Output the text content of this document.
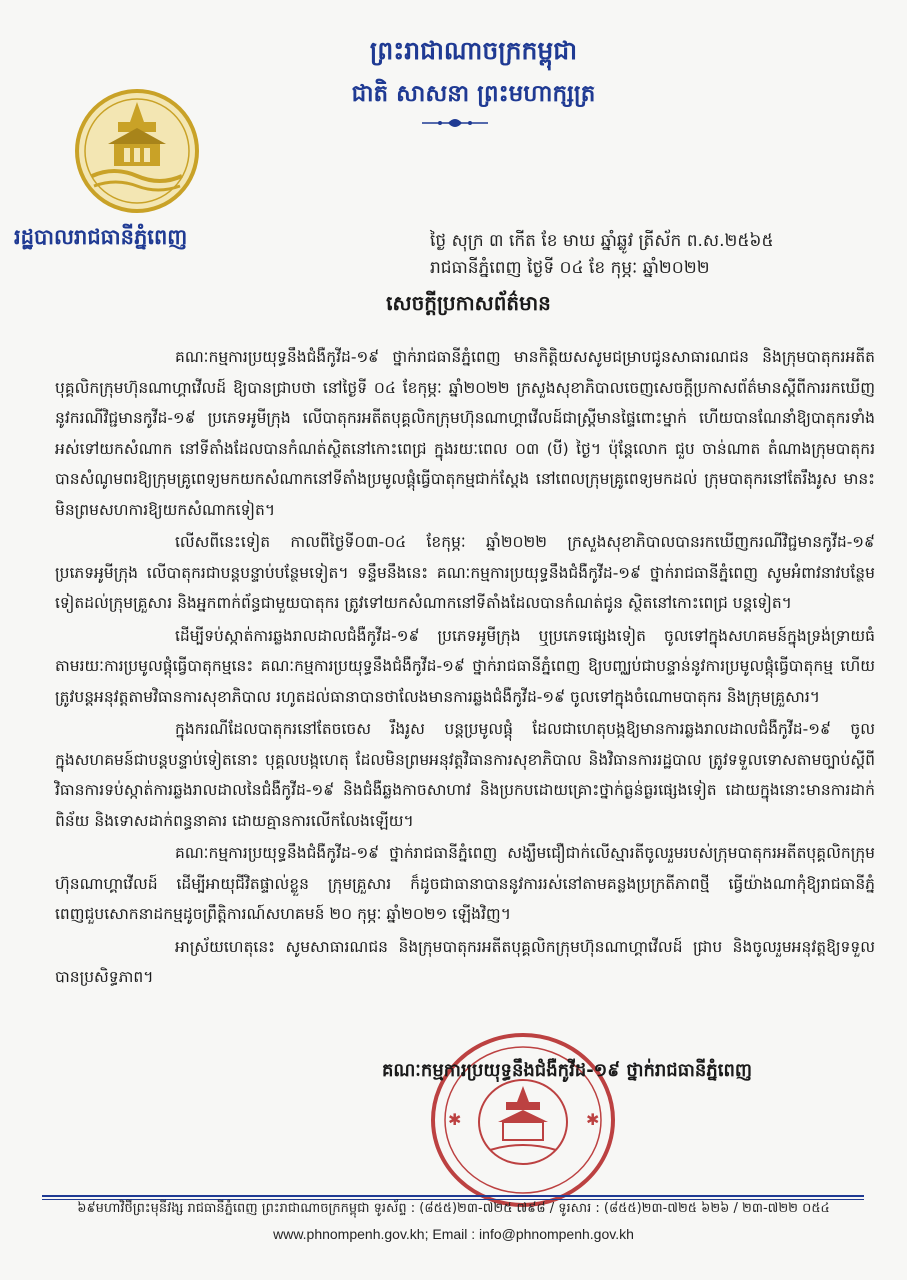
ព្រះរាជាណាចក្រកម្ពុជា

ជាតិ សាសនា ព្រះមហាក្សត្រ

រដ្ឋបាលរាជធានីភ្នំពេញ	ថ្ងៃ សុក្រ ៣ កើត ខែ មាឃ ឆ្នាំឆ្លូវ ត្រីស័ក ព.ស.២៥៦៥

រាជធានីភ្នំពេញ ថ្ងៃទី ០៤ ខែ កុម្ភៈ ឆ្នាំ២០២២

សេចក្តីប្រកាសព័ត៌មាន

គណៈកម្មការប្រយុទ្ធនឹងជំងឺកូវីដ-១៩ ថ្នាក់រាជធានីភ្នំពេញ មានកិត្តិយសសូមជម្រាបជូនសាធារណជន និងក្រុមបាតុករអតីតបុគ្គលិកក្រុមហ៊ុនណាហ្គាវើលដ៍ ឱ្យបានជ្រាបថា នៅថ្ងៃទី ០៤ ខែកុម្ភៈ ឆ្នាំ២០២២ ក្រសួងសុខាភិបាលចេញសេចក្តីប្រកាសព័ត៌មានស្តីពីការរកឃើញនូវករណីវិជ្ជមានកូវីដ-១៩ ប្រភេទអូមីក្រុង លើបាតុករអតីតបុគ្គលិកក្រុមហ៊ុនណាហ្គាវើលដ៍ជាស្ត្រីមានផ្ទៃពោះម្នាក់ ហើយបានណែនាំឱ្យបាតុករទាំងអស់ទៅយកសំណាក នៅទីតាំងដែលបានកំណត់ស្ថិតនៅកោះពេជ្រ ក្នុងរយៈពេល ០៣ (បី) ថ្ងៃ។ ប៉ុន្តែលោក ជួប ចាន់ណាត តំណាងក្រុមបាតុករបានសំណូមពរឱ្យក្រុមគ្រូពេទ្យមកយកសំណាកនៅទីតាំងប្រមូលផ្តុំធ្វើបាតុកម្មជាក់ស្តែង នៅពេលក្រុមគ្រូពេទ្យមកដល់ ក្រុមបាតុករនៅតែរឹងរូស មានះ មិនព្រមសហការឱ្យយកសំណាកទៀត។

លើសពីនេះទៀត កាលពីថ្ងៃទី០៣-០៤ ខែកុម្ភៈ ឆ្នាំ២០២២ ក្រសួងសុខាភិបាលបានរកឃើញករណីវិជ្ជមានកូវីដ-១៩ ប្រភេទអូមីក្រុង លើបាតុករជាបន្តបន្ទាប់បន្ថែមទៀត។ ទន្ទឹមនឹងនេះ គណៈកម្មការប្រយុទ្ធនឹងជំងឺកូវីដ-១៩ ថ្នាក់រាជធានីភ្នំពេញ សូមអំពាវនាវបន្ថែមទៀតដល់ក្រុមគ្រួសារ និងអ្នកពាក់ព័ន្ធជាមួយបាតុករ ត្រូវទៅយកសំណាកនៅទីតាំងដែលបានកំណត់ជូន ស្ថិតនៅកោះពេជ្រ បន្តទៀត។

ដើម្បីទប់ស្កាត់ការឆ្លងរាលដាលជំងឺកូវីដ-១៩ ប្រភេទអូមីក្រុង ឬប្រភេទផ្សេងទៀត ចូលទៅក្នុងសហគមន៍ក្នុងទ្រង់ទ្រាយធំ តាមរយៈការប្រមូលផ្តុំធ្វើបាតុកម្មនេះ គណៈកម្មការប្រយុទ្ធនឹងជំងឺកូវីដ-១៩ ថ្នាក់រាជធានីភ្នំពេញ ឱ្យបញ្ឈប់ជាបន្ទាន់នូវការប្រមូលផ្តុំធ្វើបាតុកម្ម ហើយត្រូវបន្តអនុវត្តតាមវិធានការសុខាភិបាល រហូតដល់ធានាបានថាលែងមានការឆ្លងជំងឺកូវីដ-១៩ ចូលទៅក្នុងចំណោមបាតុករ និងក្រុមគ្រួសារ។

ក្នុងករណីដែលបាតុករនៅតែចចេស រឹងរូស បន្តប្រមូលផ្តុំ ដែលជាហេតុបង្កឱ្យមានការឆ្លងរាលដាលជំងឺកូវីដ-១៩ ចូលក្នុងសហគមន៍ជាបន្តបន្ទាប់ទៀតនោះ បុគ្គលបង្កហេតុ ដែលមិនព្រមអនុវត្តវិធានការសុខាភិបាល និងវិធានការរដ្ឋបាល ត្រូវទទួលទោសតាមច្បាប់ស្តីពីវិធានការទប់ស្កាត់ការឆ្លងរាលដាលនៃជំងឺកូវីដ-១៩ និងជំងឺឆ្លងកាចសាហាវ និងប្រកបដោយគ្រោះថ្នាក់ធ្ងន់ធ្ងរផ្សេងទៀត ដោយក្នុងនោះមានការដាក់ពិន័យ និងទោសដាក់ពន្ធនាគារ ដោយគ្មានការលើកលែងឡើយ។

គណៈកម្មការប្រយុទ្ធនឹងជំងឺកូវីដ-១៩ ថ្នាក់រាជធានីភ្នំពេញ សង្ឃឹមជឿជាក់លើស្មារតីចូលរួមរបស់ក្រុមបាតុករអតីតបុគ្គលិកក្រុមហ៊ុនណាហ្គាវើលដ៍ ដើម្បីអាយុជីវិតផ្ទាល់ខ្លួន ក្រុមគ្រួសារ ក៏ដូចជាធានាបាននូវការរស់នៅតាមគន្លងប្រក្រតីភាពថ្មី ធ្វើយ៉ាងណាកុំឱ្យរាជធានីភ្នំពេញជួបសោកនាដកម្មដូចព្រឹត្តិការណ៍សហគមន៍ ២០ កុម្ភៈ ឆ្នាំ២០២១ ឡើងវិញ។

អាស្រ័យហេតុនេះ សូមសាធារណជន និងក្រុមបាតុករអតីតបុគ្គលិកក្រុមហ៊ុនណាហ្គាវើលដ៍ ជ្រាប និងចូលរួមអនុវត្តឱ្យទទួលបានប្រសិទ្ធភាព។

✱	✱

គណៈកម្មការប្រយុទ្ធនឹងជំងឺកូវីដ-១៩ ថ្នាក់រាជធានីភ្នំពេញ

៦៩មហាវិថីព្រះមុនីវង្ស រាជធានីភ្នំពេញ ព្រះរាជាណាចក្រកម្ពុជា ទូរស័ព្ទ : (៨៥៥)២៣-៧២៥ ៧៩៨ / ទូរសារ : (៨៥៥)២៣-៧២៥ ៦២៦ / ២៣-៧២២ ០៥៤

www.phnompenh.gov.kh; Email : info@phnompenh.gov.kh
